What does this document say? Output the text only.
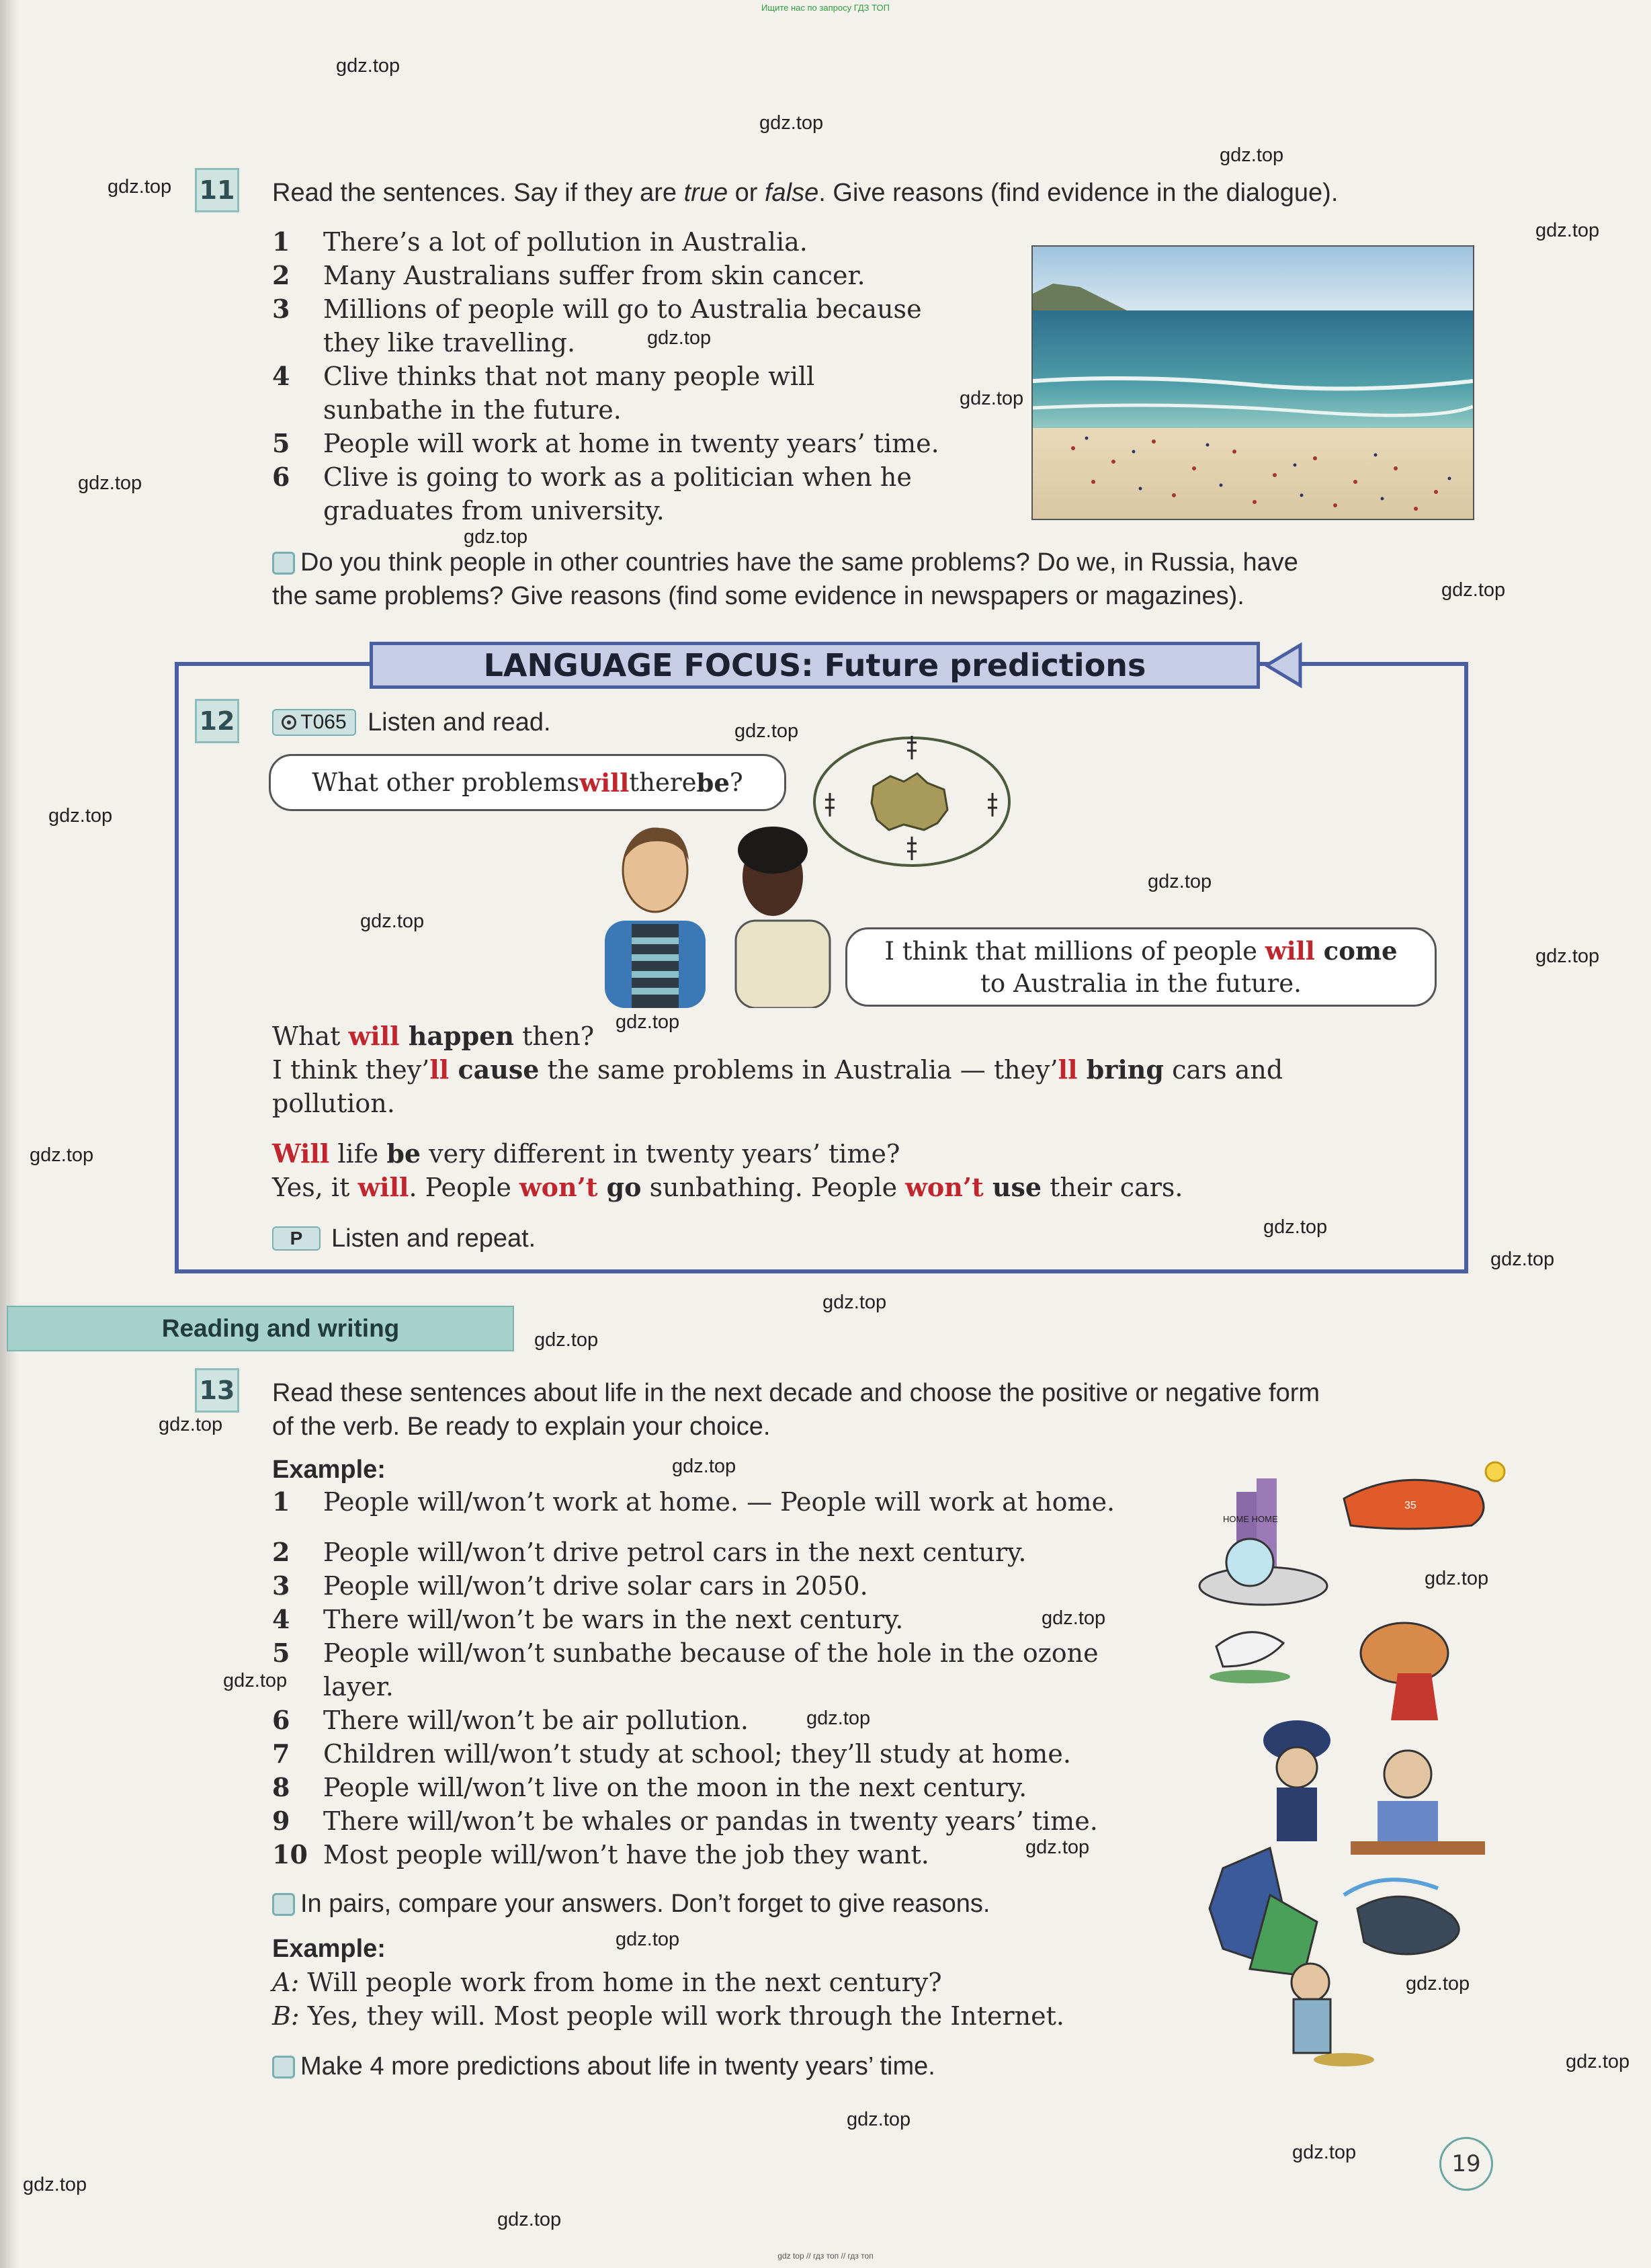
Ищите нас по запросу ГДЗ ТОП
gdz top // гдз топ // гдз топ
11 Read the sentences. Say if they are true or false. Give reasons (find evidence in the dialogue).
1	There’s a lot of pollution in Australia.
2	Many Australians suffer from skin cancer.
3	Millions of people will go to Australia because
they like travelling.
4	Clive thinks that not many people will
sunbathe in the future.
5	People will work at home in twenty years’ time.
6	Clive is going to work as a politician when he
graduates from university.
Do you think people in other countries have the same problems? Do we, in Russia, have
the same problems? Give reasons (find some evidence in newspapers or magazines).
LANGUAGE FOCUS: Future predictions
12	T065 Listen and read.
What other problems will there be ?
I think that millions of people will come
to Australia in the future.
What will happen then?
I think they’ll cause the same problems in Australia — they’ll bring cars and
pollution.
Will life be very different in twenty years’ time?
Yes, it will. People won’t go sunbathing. People won’t use their cars.
P	Listen and repeat.
Reading and writing
13 Read these sentences about life in the next decade and choose the positive or negative form
of the verb. Be ready to explain your choice.
Example:
1	People will/won’t work at home. — People will work at home.
2	People will/won’t drive petrol cars in the next century.
3	People will/won’t drive solar cars in 2050.
4	There will/won’t be wars in the next century.
5	People will/won’t sunbathe because of the hole in the ozone
layer.
6	There will/won’t be air pollution.
7	Children will/won’t study at school; they’ll study at home.
8	People will/won’t live on the moon in the next century.
9	There will/won’t be whales or pandas in twenty years’ time.
10 Most people will/won’t have the job they want.
In pairs, compare your answers. Don’t forget to give reasons.
Example:
A: Will people work from home in the next century?
B: Yes, they will. Most people will work through the Internet.
Make 4 more predictions about life in twenty years’ time.
35
HOME HOME
19
gdz.top
gdz.top
gdz.top
gdz.top
gdz.top
gdz.top
gdz.top
gdz.top
gdz.top
gdz.top
gdz.top
gdz.top
gdz.top
gdz.top
gdz.top
gdz.top
gdz.top
gdz.top
gdz.top
gdz.top
gdz.top
gdz.top
gdz.top
gdz.top
gdz.top
gdz.top
gdz.top
gdz.top
gdz.top
gdz.top
gdz.top
gdz.top
gdz.top
gdz.top
gdz.top
